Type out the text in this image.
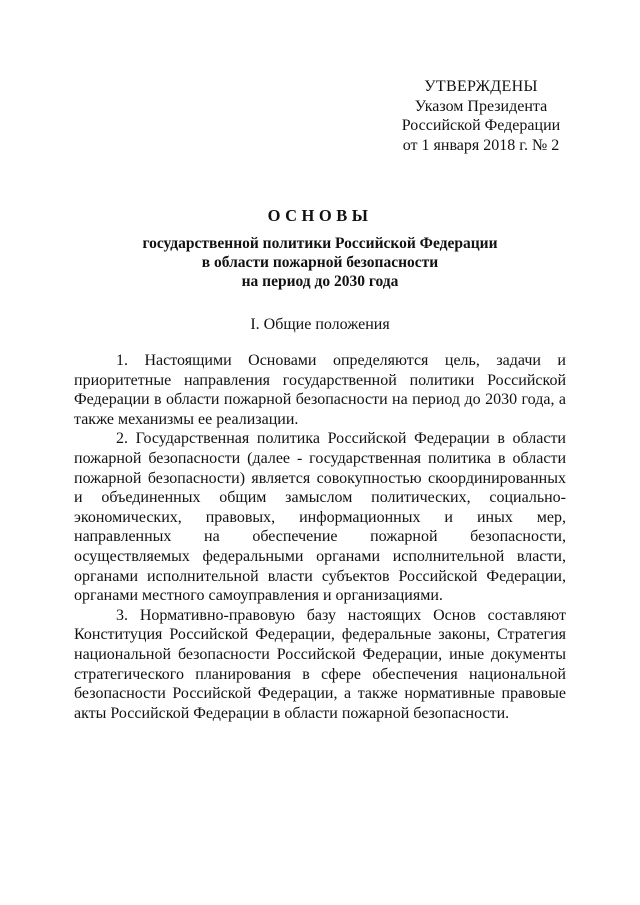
УТВЕРЖДЕНЫ
Указом Президента
Российской Федерации
от 1 января 2018 г. № 2
ОСНОВЫ
государственной политики Российской Федерации
в области пожарной безопасности
на период до 2030 года
I. Общие положения

1. Настоящими Основами определяются цель, задачи и приоритетные направления государственной политики Российской Федерации в области пожарной безопасности на период до 2030 года, а также механизмы ее реализации.

2. Государственная политика Российской Федерации в области пожарной безопасности (далее - государственная политика в области пожарной безопасности) является совокупностью скоординированных и объединенных общим замыслом политических, социально-экономических, правовых, информационных и иных мер, направленных на обеспечение пожарной безопасности, осуществляемых федеральными органами исполнительной власти, органами исполнительной власти субъектов Российской Федерации, органами местного самоуправления и организациями.

3. Нормативно-правовую базу настоящих Основ составляют Конституция Российской Федерации, федеральные законы, Стратегия национальной безопасности Российской Федерации, иные документы стратегического планирования в сфере обеспечения национальной безопасности Российской Федерации, а также нормативные правовые акты Российской Федерации в области пожарной безопасности.
